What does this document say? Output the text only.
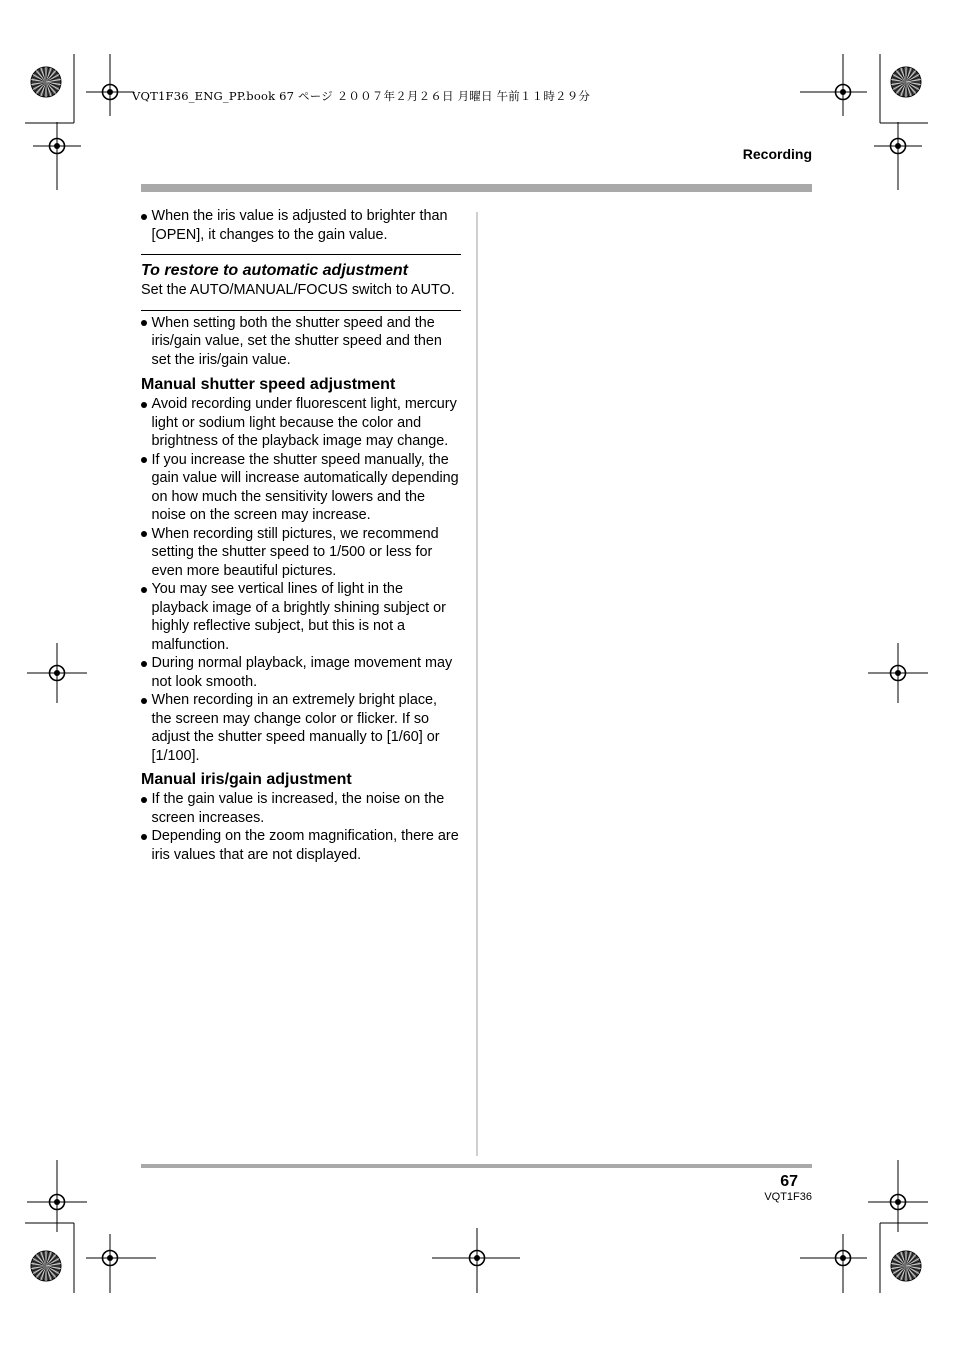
VQT1F36_ENG_PP.book 67 ページ ２００７年２月２６日 月曜日 午前１１時２９分
Recording

When the iris value is adjusted to brighter than [OPEN], it changes to the gain value.

To restore to automatic adjustment

Set the AUTO/MANUAL/FOCUS switch to AUTO.

When setting both the shutter speed and the iris/gain value, set the shutter speed and then set the iris/gain value.

Manual shutter speed adjustment

Avoid recording under fluorescent light, mercury light or sodium light because the color and brightness of the playback image may change.

If you increase the shutter speed manually, the gain value will increase automatically depending on how much the sensitivity lowers and the noise on the screen may increase.

When recording still pictures, we recommend setting the shutter speed to 1/500 or less for even more beautiful pictures.

You may see vertical lines of light in the playback image of a brightly shining subject or highly reflective subject, but this is not a malfunction.

During normal playback, image movement may not look smooth.

When recording in an extremely bright place, the screen may change color or flicker. If so adjust the shutter speed manually to [1/60] or [1/100].

Manual iris/gain adjustment

If the gain value is increased, the noise on the screen increases.

Depending on the zoom magnification, there are iris values that are not displayed.

67
VQT1F36
